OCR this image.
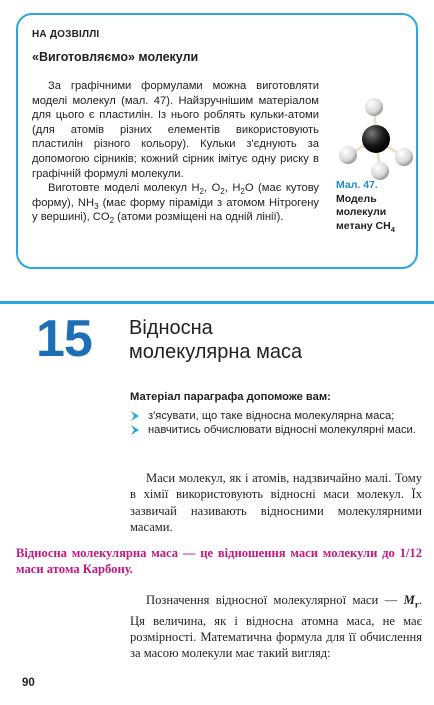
НА ДОЗВІЛЛІ
«Виготовляємо» молекули

За графічними формулами можна виготовляти моделі молекул (мал. 47). Найзручнішим матеріалом для цього є пластилін. Із нього роблять кульки-атоми (для атомів різних елементів використовують пластилін різного кольору). Кульки з'єднують за допомогою сірників; кожний сірник імітує одну риску в графічній формулі молекули.

Виготовте моделі молекул $H_2$, $O_2$, $H_2O$ (має кутову форму), $NH_3$ (має форму піраміди з атомом Нітрогену у вершині), $CO_2$ (атоми розміщені на одній лінії).

Мал. 47.
Модель молекули метану $CH_4$
15 Відносна
молекулярна маса
Матеріал параграфа допоможе вам:
з'ясувати, що таке відносна молекулярна маса;
навчитись обчислювати відносні молекулярні маси.
Маси молекул, як і атомів, надзвичайно малі. Тому в хімії використовують відносні маси молекул. Їх зазвичай називають відносними молекулярними масами.
Відносна молекулярна маса — це відношення маси молекули до 1/12 маси атома Карбону.
Позначення відносної молекулярної маси — $M_r$. Ця величина, як і відносна атомна маса, не має розмірності. Математична формула для її обчислення за масою молекули має такий вигляд:
90
